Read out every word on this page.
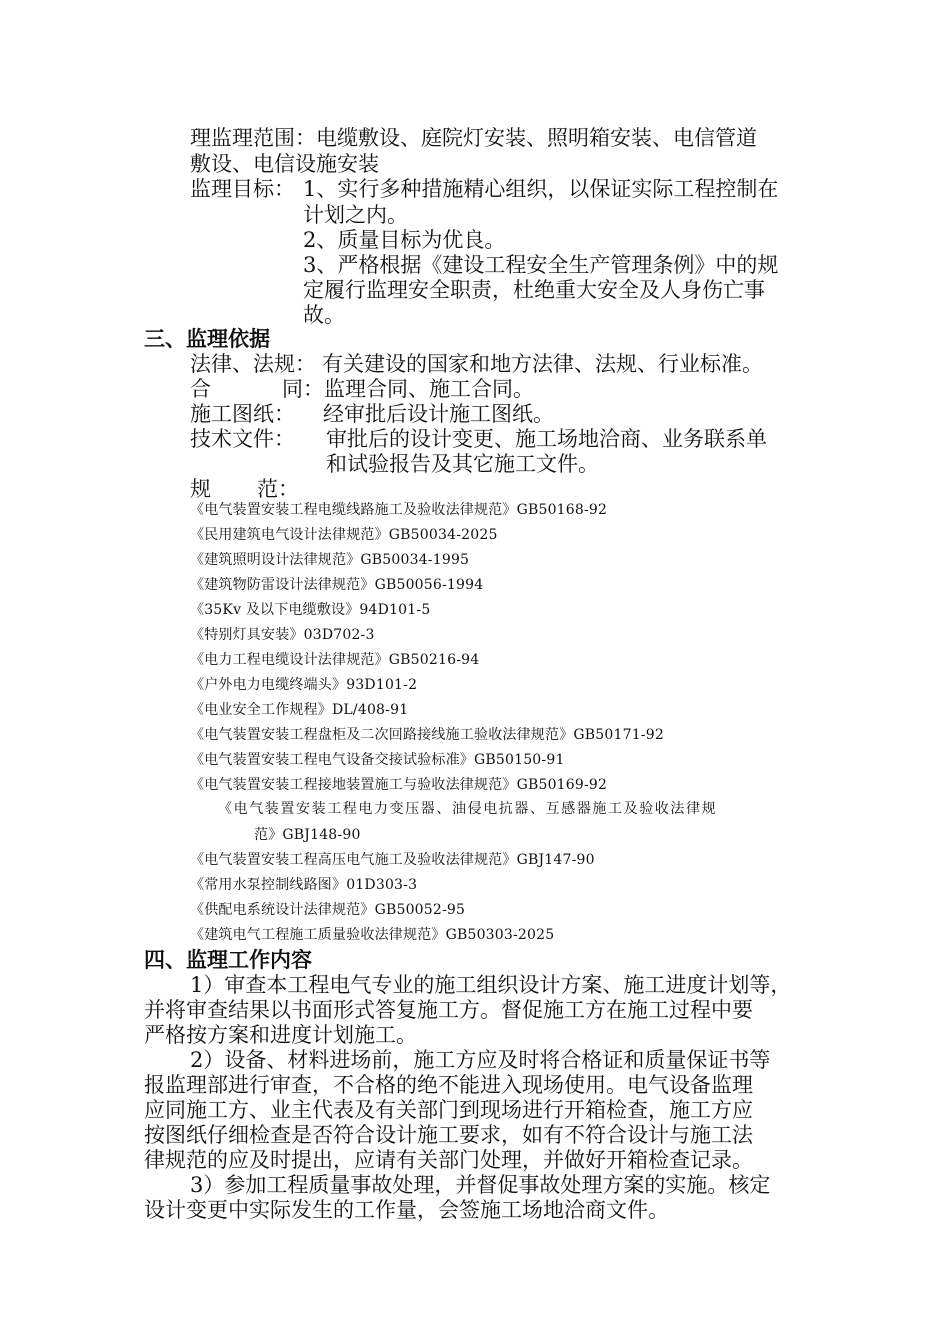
理监理范围：电缆敷设、庭院灯安装、照明箱安装、电信管道
敷设、电信设施安装
监理目标： 1、实行多种措施精心组织，以保证实际工程控制在
计划之内。
2、质量目标为优良。
3、严格根据《建设工程安全生产管理条例》中的规
定履行监理安全职责，杜绝重大安全及人身伤亡事
故。
三、监理依据
法律、法规： 有关建设的国家和地方法律、法规、行业标准。
合	同： 监理合同、施工合同。
施工图纸： 经审批后设计施工图纸。
技术文件： 审批后的设计变更、施工场地洽商、业务联系单
和试验报告及其它施工文件。
规 范：
《电气装置安装工程电缆线路施工及验收法律规范》GB50168-92
《民用建筑电气设计法律规范》GB50034-2025
《建筑照明设计法律规范》GB50034-1995
《建筑物防雷设计法律规范》GB50056-1994
《35Kv 及以下电缆敷设》94D101-5
《特别灯具安装》03D702-3
《电力工程电缆设计法律规范》GB50216-94
《户外电力电缆终端头》93D101-2
《电业安全工作规程》DL/408-91
《电气装置安装工程盘柜及二次回路接线施工验收法律规范》GB50171-92
《电气装置安装工程电气设备交接试验标准》GB50150-91
《电气装置安装工程接地装置施工与验收法律规范》GB50169-92
《电气装置安装工程电力变压器、油侵电抗器、互感器施工及验收法律规
范》GBJ148-90
《电气装置安装工程高压电气施工及验收法律规范》GBJ147-90
《常用水泵控制线路图》01D303-3
《供配电系统设计法律规范》GB50052-95
《建筑电气工程施工质量验收法律规范》GB50303-2025
四、监理工作内容
1）审查本工程电气专业的施工组织设计方案、施工进度计划等，
并将审查结果以书面形式答复施工方。督促施工方在施工过程中要
严格按方案和进度计划施工。
2）设备、材料进场前，施工方应及时将合格证和质量保证书等
报监理部进行审查，不合格的绝不能进入现场使用。电气设备监理
应同施工方、业主代表及有关部门到现场进行开箱检查，施工方应
按图纸仔细检查是否符合设计施工要求，如有不符合设计与施工法
律规范的应及时提出，应请有关部门处理，并做好开箱检查记录。
3）参加工程质量事故处理，并督促事故处理方案的实施。核定
设计变更中实际发生的工作量，会签施工场地洽商文件。
